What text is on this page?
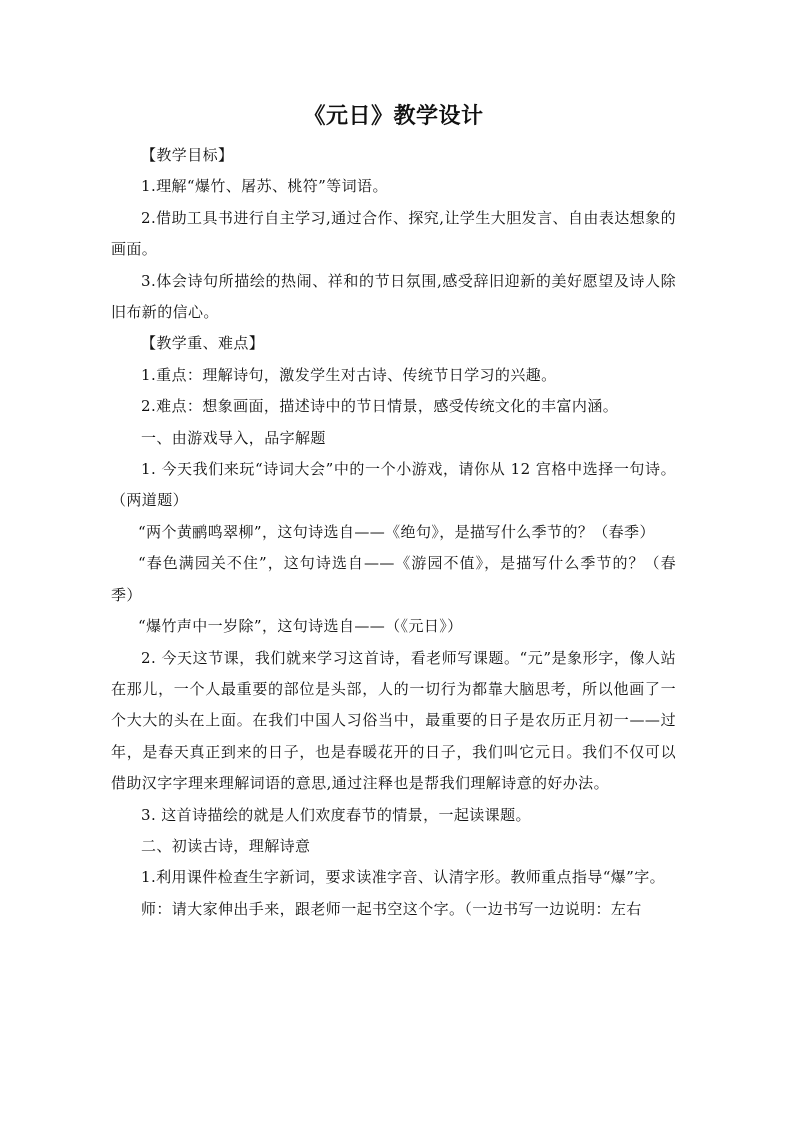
《元日》教学设计

【教学目标】

1.理解“爆竹、屠苏、桃符”等词语。

2.借助工具书进行自主学习,通过合作、探究,让学生大胆发言、自由表达想象的画面。

3.体会诗句所描绘的热闹、祥和的节日氛围,感受辞旧迎新的美好愿望及诗人除旧布新的信心。

【教学重、难点】

1.重点：理解诗句，激发学生对古诗、传统节日学习的兴趣。

2.难点：想象画面，描述诗中的节日情景，感受传统文化的丰富内涵。

一、由游戏导入，品字解题

1. 今天我们来玩“诗词大会”中的一个小游戏，请你从 12 宫格中选择一句诗。（两道题）

“两个黄鹂鸣翠柳”，这句诗选自——《绝句》，是描写什么季节的？（春季）

“春色满园关不住”，这句诗选自——《游园不值》，是描写什么季节的？（春季）

“爆竹声中一岁除”，这句诗选自——（《元日》）

2. 今天这节课，我们就来学习这首诗，看老师写课题。“元”是象形字，像人站在那儿，一个人最重要的部位是头部，人的一切行为都靠大脑思考，所以他画了一个大大的头在上面。在我们中国人习俗当中，最重要的日子是农历正月初一——过年，是春天真正到来的日子，也是春暖花开的日子，我们叫它元日。我们不仅可以借助汉字字理来理解词语的意思,通过注释也是帮我们理解诗意的好办法。

3. 这首诗描绘的就是人们欢度春节的情景，一起读课题。

二、初读古诗，理解诗意

1.利用课件检查生字新词，要求读准字音、认清字形。教师重点指导“爆”字。

师：请大家伸出手来，跟老师一起书空这个字。（一边书写一边说明：左右
